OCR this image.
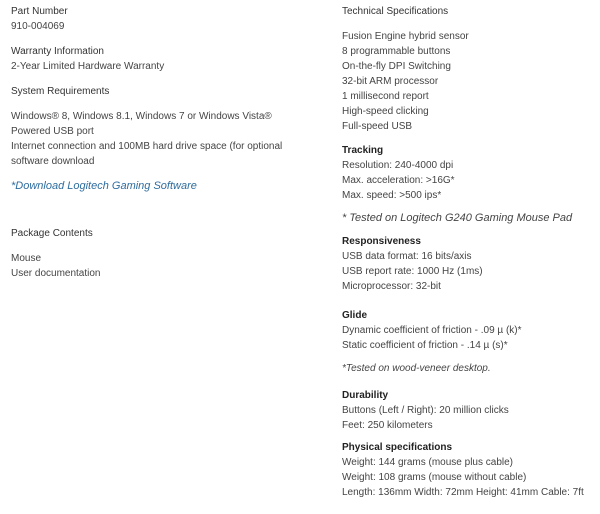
Part Number
910-004069
Warranty Information
2-Year Limited Hardware Warranty
System Requirements
Windows® 8, Windows 8.1, Windows 7 or Windows Vista®
Powered USB port
Internet connection and 100MB hard drive space (for optional
software download
*Download Logitech Gaming Software
Package Contents
Mouse
User documentation
Technical Specifications
Fusion Engine hybrid sensor
8 programmable buttons
On-the-fly DPI Switching
32-bit ARM processor
1 millisecond report
High-speed clicking
Full-speed USB
Tracking
Resolution: 240-4000 dpi
Max. acceleration: >16G*
Max. speed: >500 ips*
* Tested on Logitech G240 Gaming Mouse Pad
Responsiveness
USB data format: 16 bits/axis
USB report rate: 1000 Hz (1ms)
Microprocessor: 32-bit
Glide
Dynamic coefficient of friction - .09 µ (k)*
Static coefficient of friction - .14 µ (s)*
*Tested on wood-veneer desktop.
Durability
Buttons (Left / Right): 20 million clicks
Feet: 250 kilometers
Physical specifications
Weight: 144 grams (mouse plus cable)
Weight: 108 grams (mouse without cable)
Length: 136mm Width: 72mm Height: 41mm Cable: 7ft
